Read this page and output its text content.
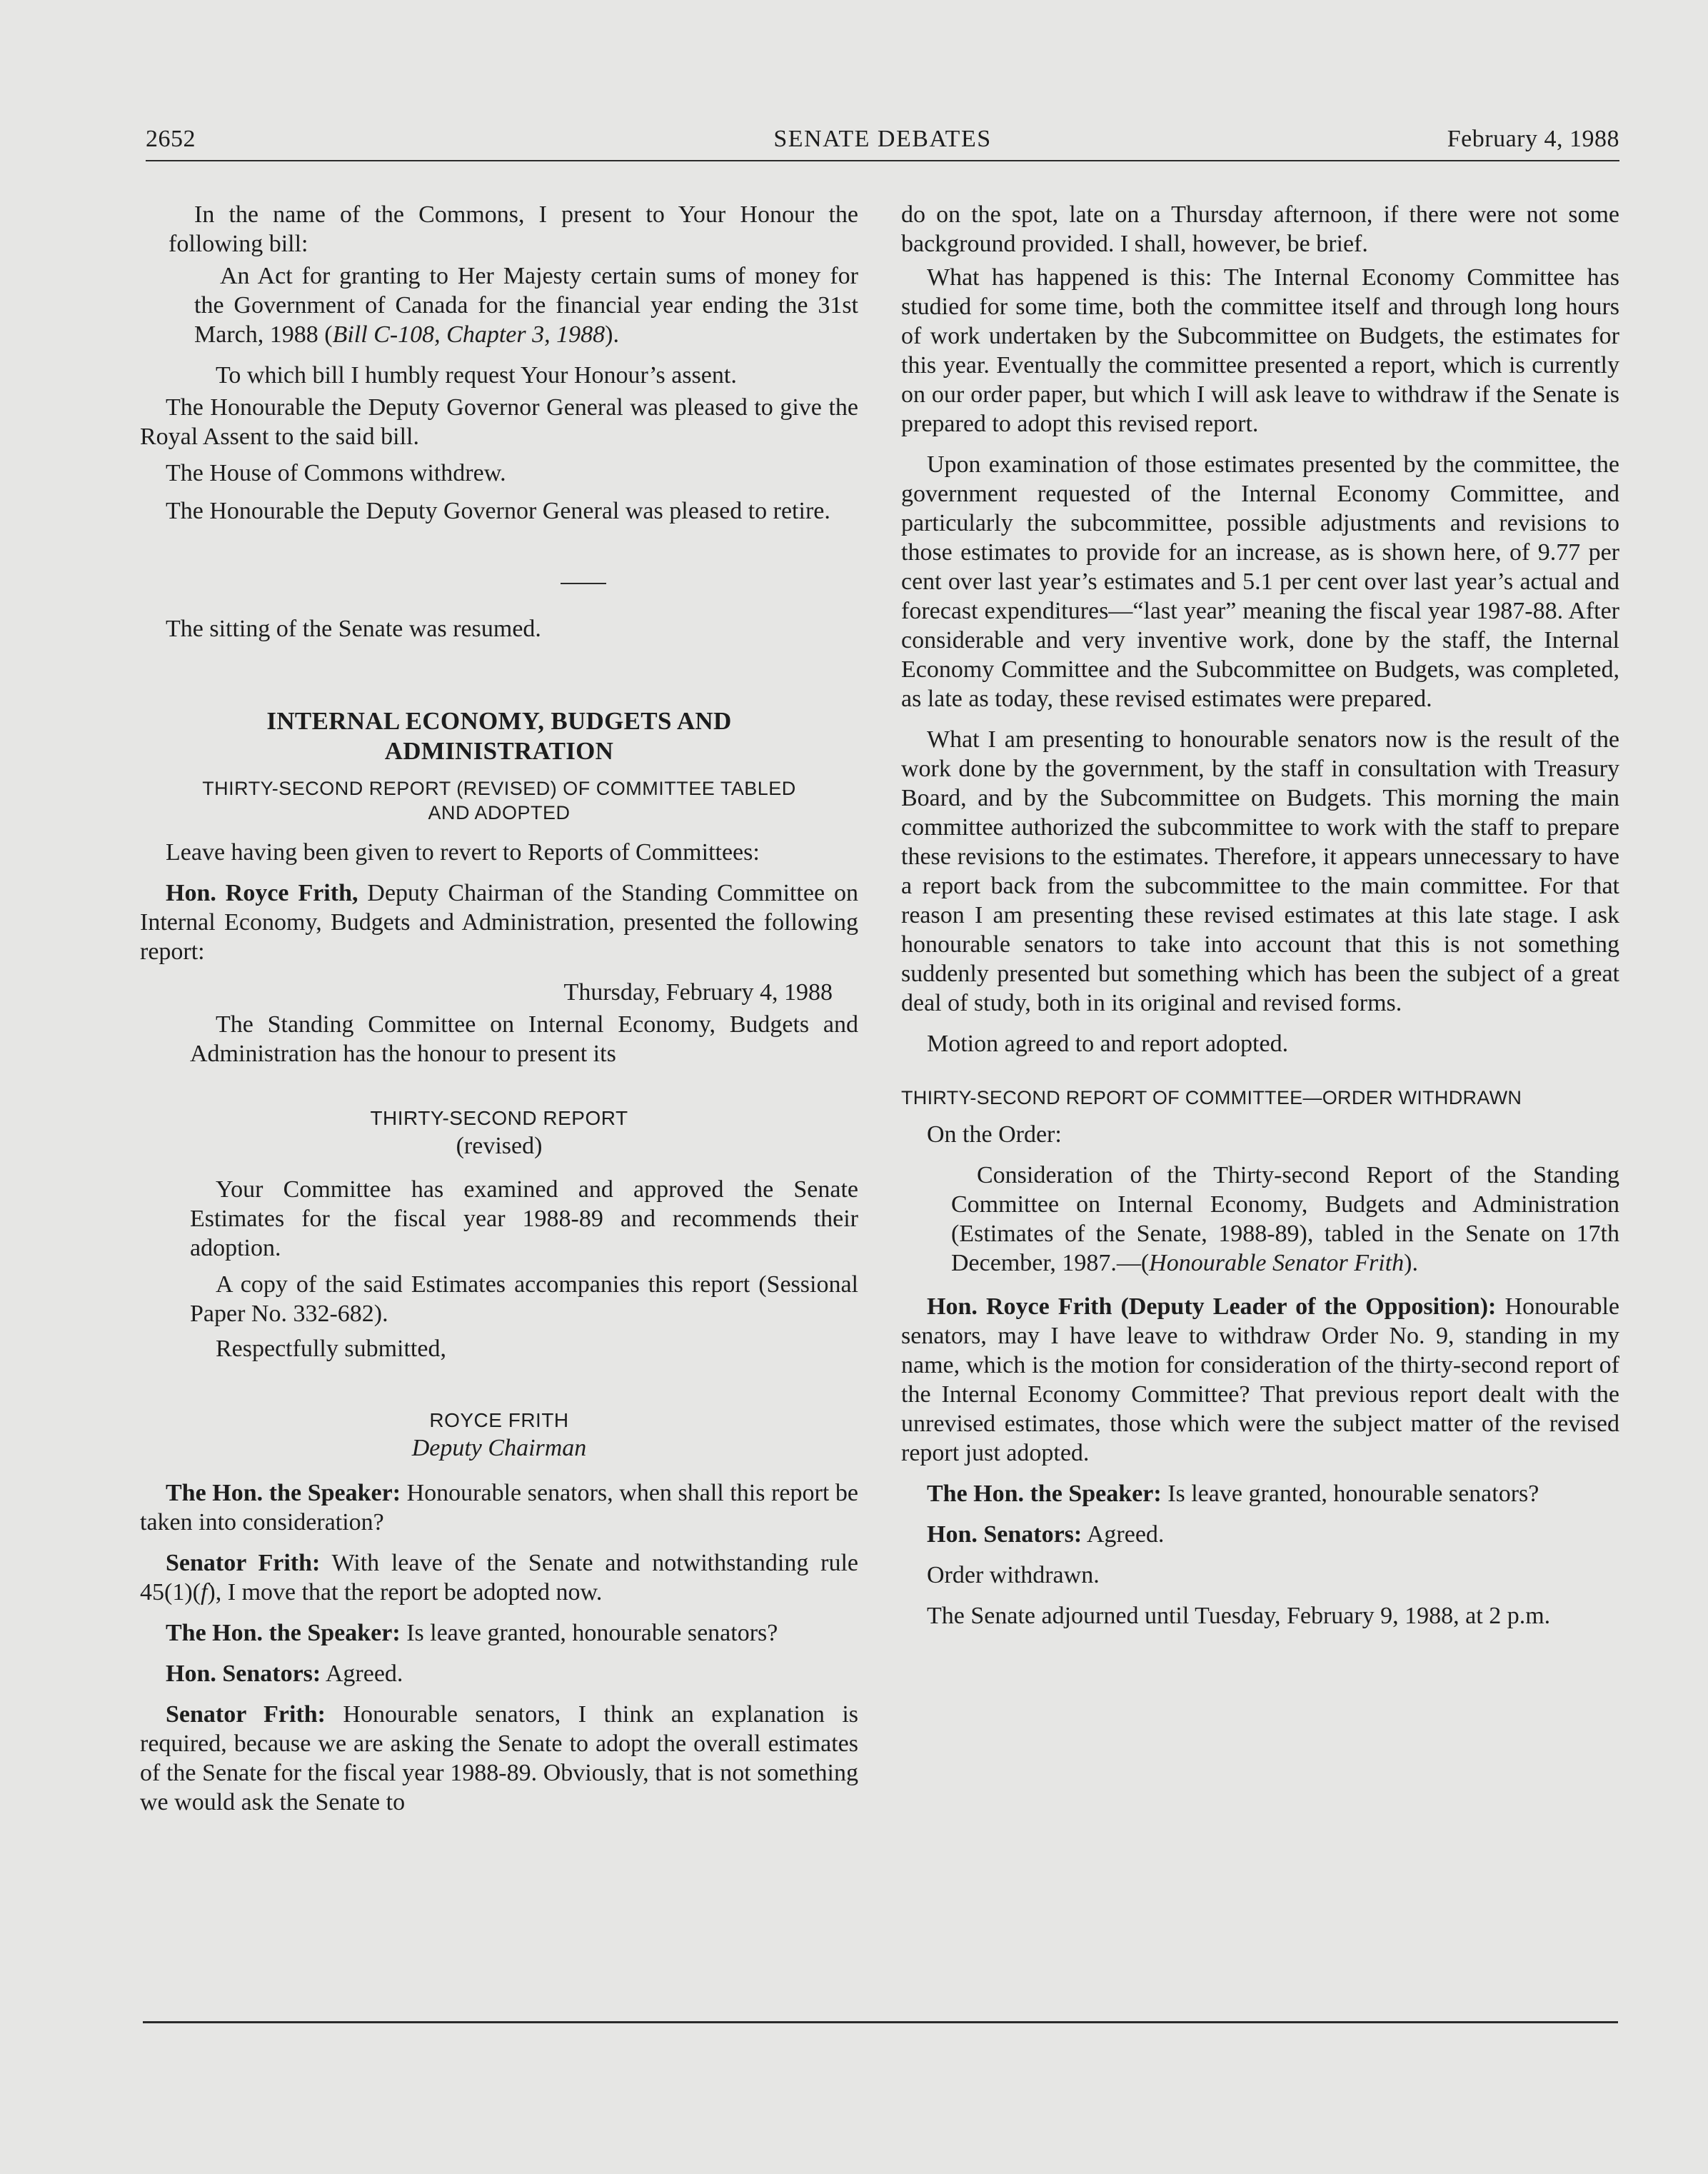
2652	SENATE DEBATES	February 4, 1988

In the name of the Commons, I present to Your Honour the following bill:

An Act for granting to Her Majesty certain sums of money for the Government of Canada for the financial year ending the 31st March, 1988 (Bill C-108, Chapter 3, 1988).

To which bill I humbly request Your Honour’s assent.

The Honourable the Deputy Governor General was pleased to give the Royal Assent to the said bill.

The House of Commons withdrew.

The Honourable the Deputy Governor General was pleased to retire.

The sitting of the Senate was resumed.

INTERNAL ECONOMY, BUDGETS AND
ADMINISTRATION
THIRTY-SECOND REPORT (REVISED) OF COMMITTEE TABLED
AND ADOPTED

Leave having been given to revert to Reports of Committees:

Hon. Royce Frith, Deputy Chairman of the Standing Committee on Internal Economy, Budgets and Administration, presented the following report:

Thursday, February 4, 1988

The Standing Committee on Internal Economy, Budgets and Administration has the honour to present its

THIRTY-SECOND REPORT
(revised)

Your Committee has examined and approved the Senate Estimates for the fiscal year 1988-89 and recommends their adoption.

A copy of the said Estimates accompanies this report (Sessional Paper No. 332-682).

Respectfully submitted,

ROYCE FRITH
Deputy Chairman

The Hon. the Speaker: Honourable senators, when shall this report be taken into consideration?

Senator Frith: With leave of the Senate and notwithstanding rule 45(1)(f), I move that the report be adopted now.

The Hon. the Speaker: Is leave granted, honourable senators?

Hon. Senators: Agreed.

Senator Frith: Honourable senators, I think an explanation is required, because we are asking the Senate to adopt the overall estimates of the Senate for the fiscal year 1988-89. Obviously, that is not something we would ask the Senate to

do on the spot, late on a Thursday afternoon, if there were not some background provided. I shall, however, be brief.

What has happened is this: The Internal Economy Committee has studied for some time, both the committee itself and through long hours of work undertaken by the Subcommittee on Budgets, the estimates for this year. Eventually the committee presented a report, which is currently on our order paper, but which I will ask leave to withdraw if the Senate is prepared to adopt this revised report.

Upon examination of those estimates presented by the committee, the government requested of the Internal Economy Committee, and particularly the subcommittee, possible adjustments and revisions to those estimates to provide for an increase, as is shown here, of 9.77 per cent over last year’s estimates and 5.1 per cent over last year’s actual and forecast expenditures—“last year” meaning the fiscal year 1987-88. After considerable and very inventive work, done by the staff, the Internal Economy Committee and the Subcommittee on Budgets, was completed, as late as today, these revised estimates were prepared.

What I am presenting to honourable senators now is the result of the work done by the government, by the staff in consultation with Treasury Board, and by the Subcommittee on Budgets. This morning the main committee authorized the subcommittee to work with the staff to prepare these revisions to the estimates. Therefore, it appears unnecessary to have a report back from the subcommittee to the main committee. For that reason I am presenting these revised estimates at this late stage. I ask honourable senators to take into account that this is not something suddenly presented but something which has been the subject of a great deal of study, both in its original and revised forms.

Motion agreed to and report adopted.

THIRTY-SECOND REPORT OF COMMITTEE—ORDER WITHDRAWN

On the Order:

Consideration of the Thirty-second Report of the Standing Committee on Internal Economy, Budgets and Administration (Estimates of the Senate, 1988-89), tabled in the Senate on 17th December, 1987.—(Honourable Senator Frith).

Hon. Royce Frith (Deputy Leader of the Opposition): Honourable senators, may I have leave to withdraw Order No. 9, standing in my name, which is the motion for consideration of the thirty-second report of the Internal Economy Committee? That previous report dealt with the unrevised estimates, those which were the subject matter of the revised report just adopted.

The Hon. the Speaker: Is leave granted, honourable senators?

Hon. Senators: Agreed.

Order withdrawn.

The Senate adjourned until Tuesday, February 9, 1988, at 2 p.m.
